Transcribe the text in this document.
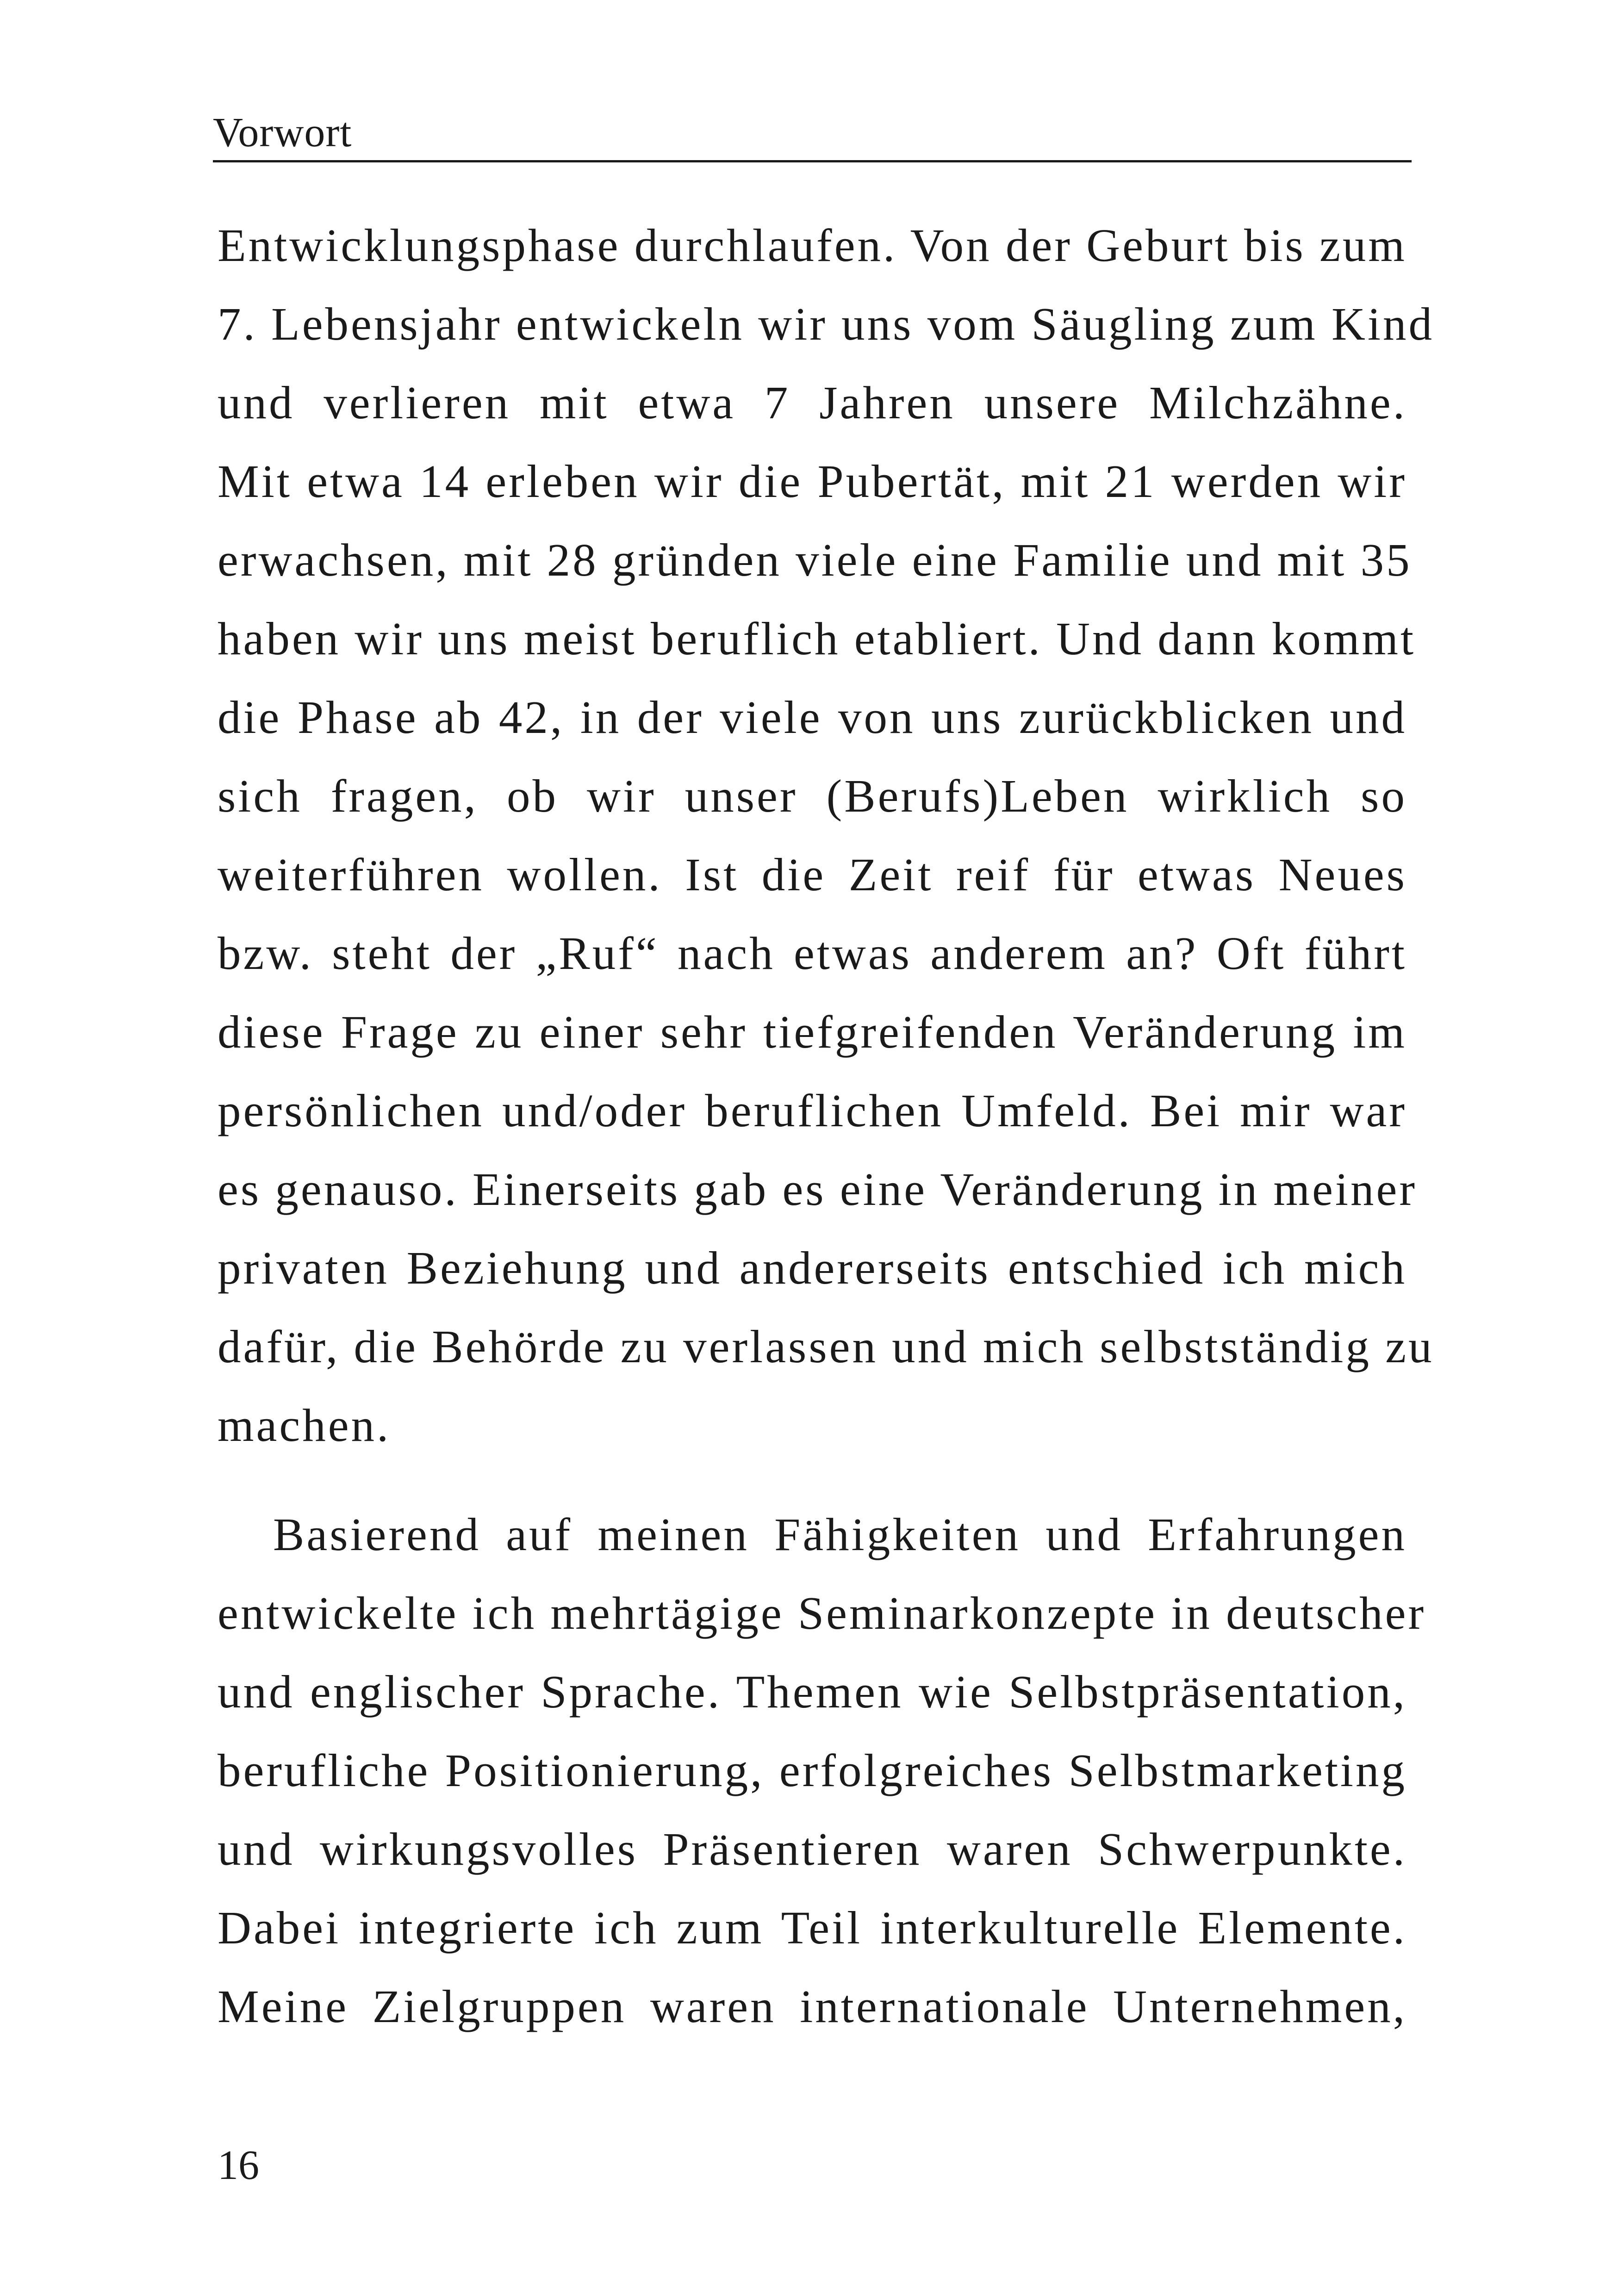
Vorwort
Entwicklungsphase durchlaufen. Von der Geburt bis zum
7. Lebensjahr entwickeln wir uns vom Säugling zum Kind
und verlieren mit etwa 7 Jahren unsere Milchzähne.
Mit etwa 14 erleben wir die Pubertät, mit 21 werden wir
erwachsen, mit 28 gründen viele eine Familie und mit 35
haben wir uns meist beruflich etabliert. Und dann kommt
die Phase ab 42, in der viele von uns zurückblicken und
sich fragen, ob wir unser (Berufs)Leben wirklich so
weiterführen wollen. Ist die Zeit reif für etwas Neues
bzw. steht der „Ruf“ nach etwas anderem an? Oft führt
diese Frage zu einer sehr tiefgreifenden Veränderung im
persönlichen und/oder beruflichen Umfeld. Bei mir war
es genauso. Einerseits gab es eine Veränderung in meiner
privaten Beziehung und andererseits entschied ich mich
dafür, die Behörde zu verlassen und mich selbstständig zu
machen.
Basierend auf meinen Fähigkeiten und Erfahrungen
entwickelte ich mehrtägige Seminarkonzepte in deutscher
und englischer Sprache. Themen wie Selbstpräsentation,
berufliche Positionierung, erfolgreiches Selbstmarketing
und wirkungsvolles Präsentieren waren Schwerpunkte.
Dabei integrierte ich zum Teil interkulturelle Elemente.
Meine Zielgruppen waren internationale Unternehmen,
16
